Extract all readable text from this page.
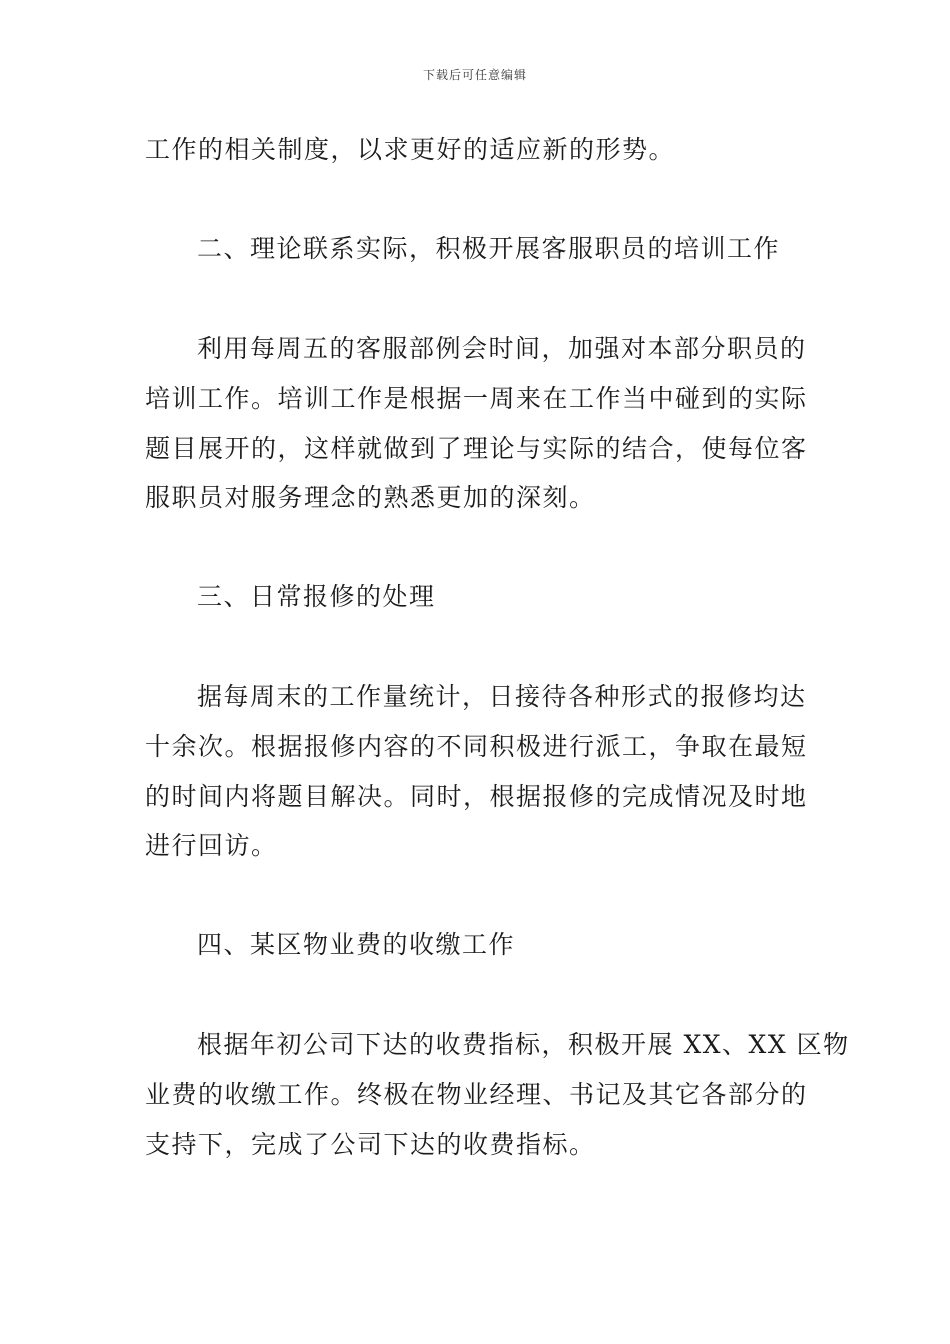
下载后可任意编辑
工作的相关制度，以求更好的适应新的形势。
二、理论联系实际，积极开展客服职员的培训工作
利用每周五的客服部例会时间，加强对本部分职员的
培训工作。培训工作是根据一周来在工作当中碰到的实际
题目展开的，这样就做到了理论与实际的结合，使每位客
服职员对服务理念的熟悉更加的深刻。
三、日常报修的处理
据每周末的工作量统计，日接待各种形式的报修均达
十余次。根据报修内容的不同积极进行派工，争取在最短
的时间内将题目解决。同时，根据报修的完成情况及时地
进行回访。
四、某区物业费的收缴工作
根据年初公司下达的收费指标，积极开展 XX、XX 区物
业费的收缴工作。终极在物业经理、书记及其它各部分的
支持下，完成了公司下达的收费指标。
